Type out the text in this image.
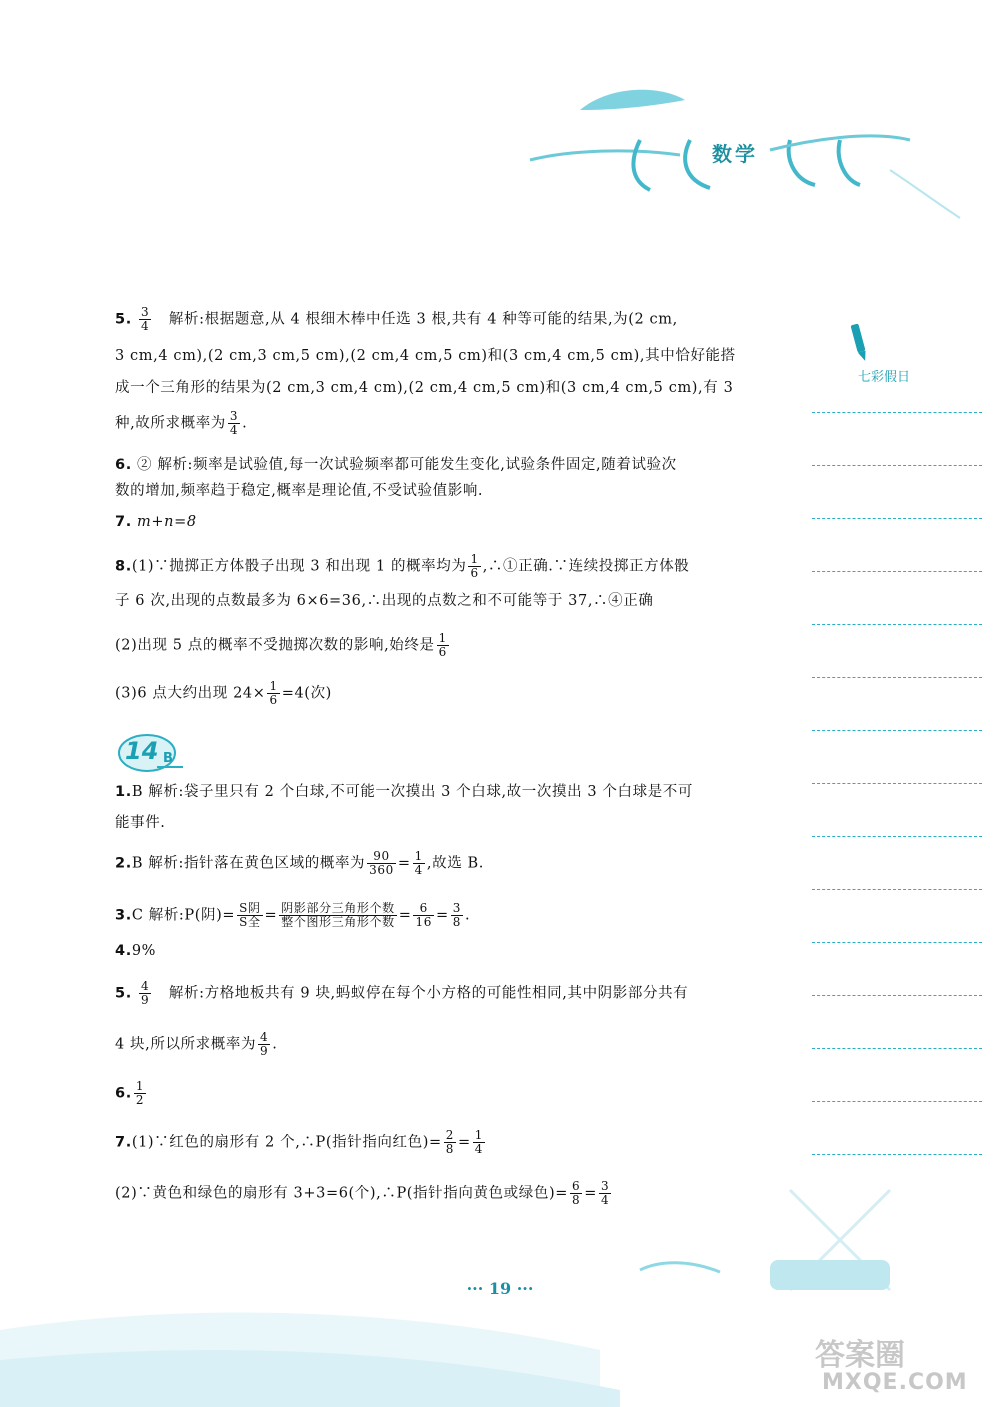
数学
七彩假日
5. $\frac{3}{4}$ 解析:根据题意,从 4 根细木棒中任选 3 根,共有 4 种等可能的结果,为(2 cm,
3 cm,4 cm),(2 cm,3 cm,5 cm),(2 cm,4 cm,5 cm)和(3 cm,4 cm,5 cm),其中恰好能搭
成一个三角形的结果为(2 cm,3 cm,4 cm),(2 cm,4 cm,5 cm)和(3 cm,4 cm,5 cm),有 3
种,故所求概率为 $\frac{3}{4}$ .
6. ② 解析:频率是试验值,每一次试验频率都可能发生变化,试验条件固定,随着试验次
数的增加,频率趋于稳定,概率是理论值,不受试验值影响.
7. m+n=8
8.(1)∵抛掷正方体骰子出现 3 和出现 1 的概率均为 $\frac{1}{6}$ ,∴①正确.∵连续投掷正方体骰
子 6 次,出现的点数最多为 6×6=36,∴出现的点数之和不可能等于 37,∴④正确
(2)出现 5 点的概率不受抛掷次数的影响,始终是 $\frac{1}{6}$
(3)6 点大约出现 $24\times \frac{1}{6} =4$(次)
14 B
1.B 解析:袋子里只有 2 个白球,不可能一次摸出 3 个白球,故一次摸出 3 个白球是不可
能事件.
2.B 解析:指针落在黄色区域的概率为 $\frac{90}{360} = \frac{1}{4}$ ,故选 B.
3.C 解析:P(阴)= $\frac{\text{S阴}}{\text{S全}} = \frac{\text{阴影部分三角形个数}}{\text{整个图形三角形个数}} = \frac{6}{16} = \frac{3}{8}$ .
4.9%
5. $\frac{4}{9}$ 解析:方格地板共有 9 块,蚂蚁停在每个小方格的可能性相同,其中阴影部分共有
4 块,所以所求概率为 $\frac{4}{9}$ .
6. $\frac{1}{2}$
7.(1)∵红色的扇形有 2 个,∴P(指针指向红色)= $\frac{2}{8} = \frac{1}{4}$
(2)∵黄色和绿色的扇形有 3+3=6(个),∴P(指针指向黄色或绿色)= $\frac{6}{8} = \frac{3}{4}$
··· 19 ···
答案圈
MXQE.COM
